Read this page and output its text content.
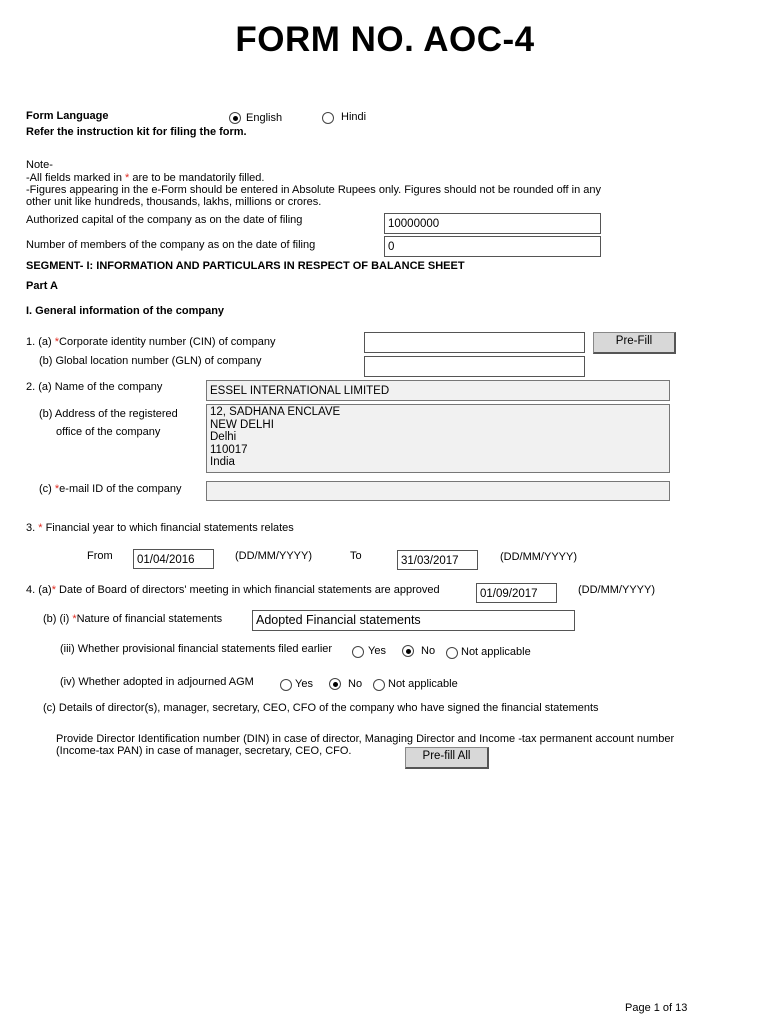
FORM NO. AOC-4
Form Language	English	Hindi
Refer the instruction kit for filing the form.
Note-
-All fields marked in * are to be mandatorily filled.
-Figures appearing in the e-Form should be entered in Absolute Rupees only. Figures should not be rounded off in any
other unit like hundreds, thousands, lakhs, millions or crores.
Authorized capital of the company as on the date of filing	10000000
Number of members of the company as on the date of filing	0
SEGMENT- I: INFORMATION AND PARTICULARS IN RESPECT OF BALANCE SHEET
Part A
I. General information of the company
1. (a) *Corporate identity number (CIN) of company	Pre-Fill
(b) Global location number (GLN) of company
2. (a) Name of the company	ESSEL INTERNATIONAL LIMITED
(b) Address of the registered
office of the company
12, SADHANA ENCLAVE
NEW DELHI
Delhi
110017
India
(c) *e-mail ID of the company
3. * Financial year to which financial statements relates
From	01/04/2016	(DD/MM/YYYY)	To	31/03/2017	(DD/MM/YYYY)
4. (a)* Date of Board of directors' meeting in which financial statements are approved	01/09/2017	(DD/MM/YYYY)
(b) (i) *Nature of financial statements	Adopted Financial statements
(iii) Whether provisional financial statements filed earlier	Yes	No Not applicable
(iv) Whether adopted in adjourned AGM	Yes	No Not applicable
(c) Details of director(s), manager, secretary, CEO, CFO of the company who have signed the financial statements
Provide Director Identification number (DIN) in case of director, Managing Director and Income -tax permanent account number
(Income-tax PAN) in case of manager, secretary, CEO, CFO.	Pre-fill All
Page 1 of 13
